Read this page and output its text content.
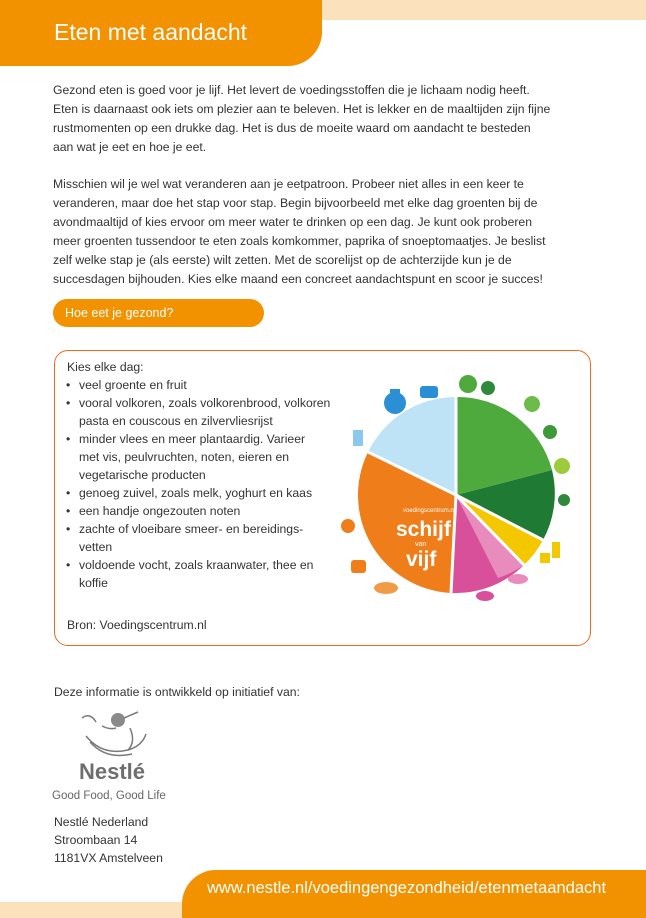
Eten met aandacht

Gezond eten is goed voor je lijf. Het levert de voedingsstoffen die je lichaam nodig heeft.
Eten is daarnaast ook iets om plezier aan te beleven. Het is lekker en de maaltijden zijn fijne
rustmomenten op een drukke dag. Het is dus de moeite waard om aandacht te besteden
aan wat je eet en hoe je eet.

Misschien wil je wel wat veranderen aan je eetpatroon. Probeer niet alles in een keer te
veranderen, maar doe het stap voor stap. Begin bijvoorbeeld met elke dag groenten bij de
avondmaaltijd of kies ervoor om meer water te drinken op een dag. Je kunt ook proberen
meer groenten tussendoor te eten zoals komkommer, paprika of snoeptomaatjes. Je beslist
zelf welke stap je (als eerste) wilt zetten. Met de scorelijst op de achterzijde kun je de
succesdagen bijhouden. Kies elke maand een concreet aandachtspunt en scoor je succes!

Hoe eet je gezond?
Kies elke dag:
• veel groente en fruit
• vooral volkoren, zoals volkorenbrood, volkoren
pasta en couscous en zilvervliesrijst
• minder vlees en meer plantaardig. Varieer
met vis, peulvruchten, noten, eieren en
vegetarische producten
• genoeg zuivel, zoals melk, yoghurt en kaas
• een handje ongezouten noten
• zachte of vloeibare smeer- en bereidings-
vetten
• voldoende vocht, zoals kraanwater, thee en
koffie
voedingscentrum.nl
schijf
van
vijf
Bron: Voedingscentrum.nl
Deze informatie is ontwikkeld op initiatief van:
Nestlé
Good Food, Good Life
Nestlé Nederland
Stroombaan 14
1181VX Amstelveen
www.nestle.nl/voedingengezondheid/etenmetaandacht
